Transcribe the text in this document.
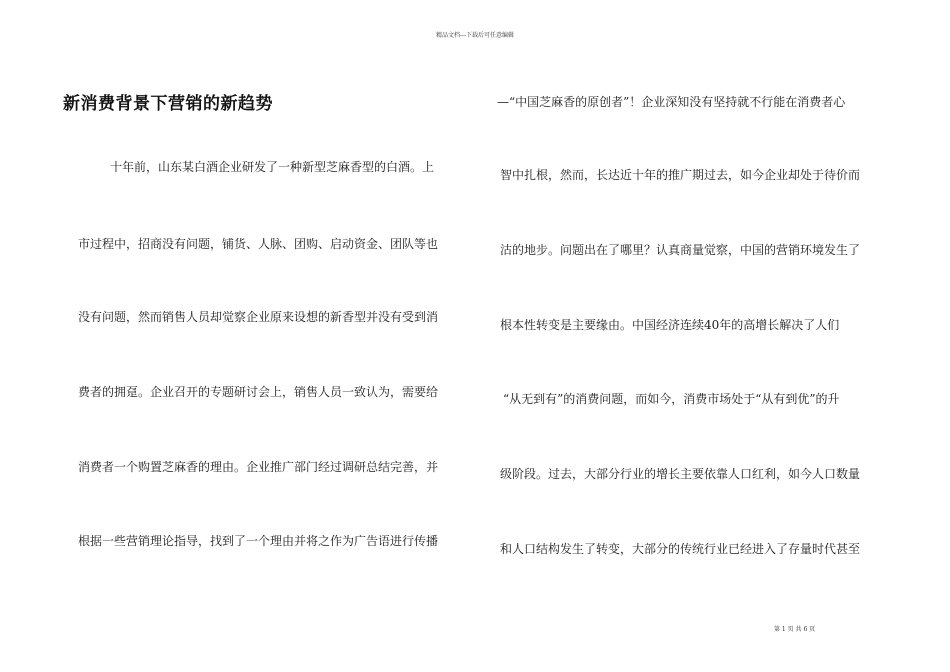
精品文档---下载后可任意编辑
新消费背景下营销的新趋势
十年前，山东某白酒企业研发了一种新型芝麻香型的白酒。上
市过程中，招商没有问题，铺货、人脉、团购、启动资金、团队等也
没有问题，然而销售人员却觉察企业原来设想的新香型并没有受到消
费者的拥趸。企业召开的专题研讨会上，销售人员一致认为，需要给
消费者一个购置芝麻香的理由。企业推广部门经过调研总结完善，并
根据一些营销理论指导，找到了一个理由并将之作为广告语进行传播
—“中国芝麻香的原创者”！企业深知没有坚持就不行能在消费者心
智中扎根，然而，长达近十年的推广期过去，如今企业却处于待价而
沽的地步。问题出在了哪里？认真商量觉察，中国的营销环境发生了
根本性转变是主要缘由。中国经济连续40年的高增长解决了人们
“从无到有”的消费问题，而如今，消费市场处于“从有到优”的升
级阶段。过去，大部分行业的增长主要依靠人口红利，如今人口数量
和人口结构发生了转变，大部分的传统行业已经进入了存量时代甚至
第 1 页 共 6 页
